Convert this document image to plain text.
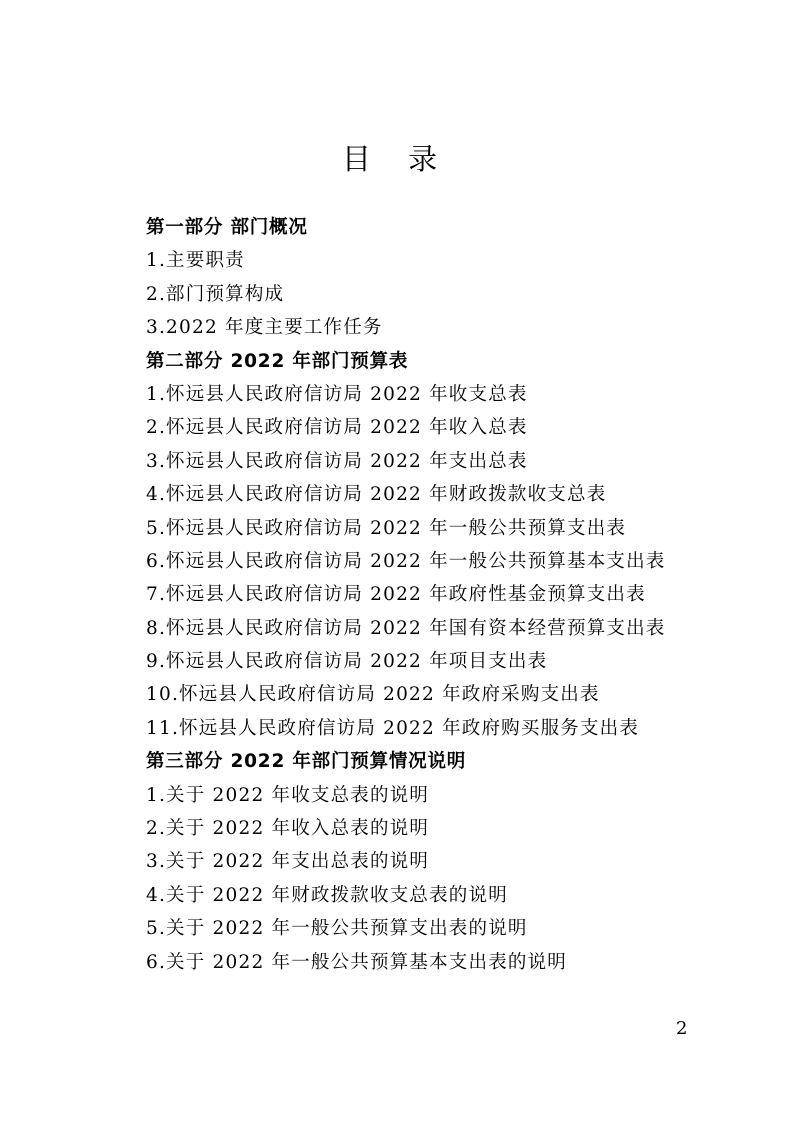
目 录
第一部分 部门概况
1.主要职责
2.部门预算构成
3.2022 年度主要工作任务
第二部分 2022 年部门预算表
1.怀远县人民政府信访局 2022 年收支总表
2.怀远县人民政府信访局 2022 年收入总表
3.怀远县人民政府信访局 2022 年支出总表
4.怀远县人民政府信访局 2022 年财政拨款收支总表
5.怀远县人民政府信访局 2022 年一般公共预算支出表
6.怀远县人民政府信访局 2022 年一般公共预算基本支出表
7.怀远县人民政府信访局 2022 年政府性基金预算支出表
8.怀远县人民政府信访局 2022 年国有资本经营预算支出表
9.怀远县人民政府信访局 2022 年项目支出表
10.怀远县人民政府信访局 2022 年政府采购支出表
11.怀远县人民政府信访局 2022 年政府购买服务支出表
第三部分 2022 年部门预算情况说明
1.关于 2022 年收支总表的说明
2.关于 2022 年收入总表的说明
3.关于 2022 年支出总表的说明
4.关于 2022 年财政拨款收支总表的说明
5.关于 2022 年一般公共预算支出表的说明
6.关于 2022 年一般公共预算基本支出表的说明
2
